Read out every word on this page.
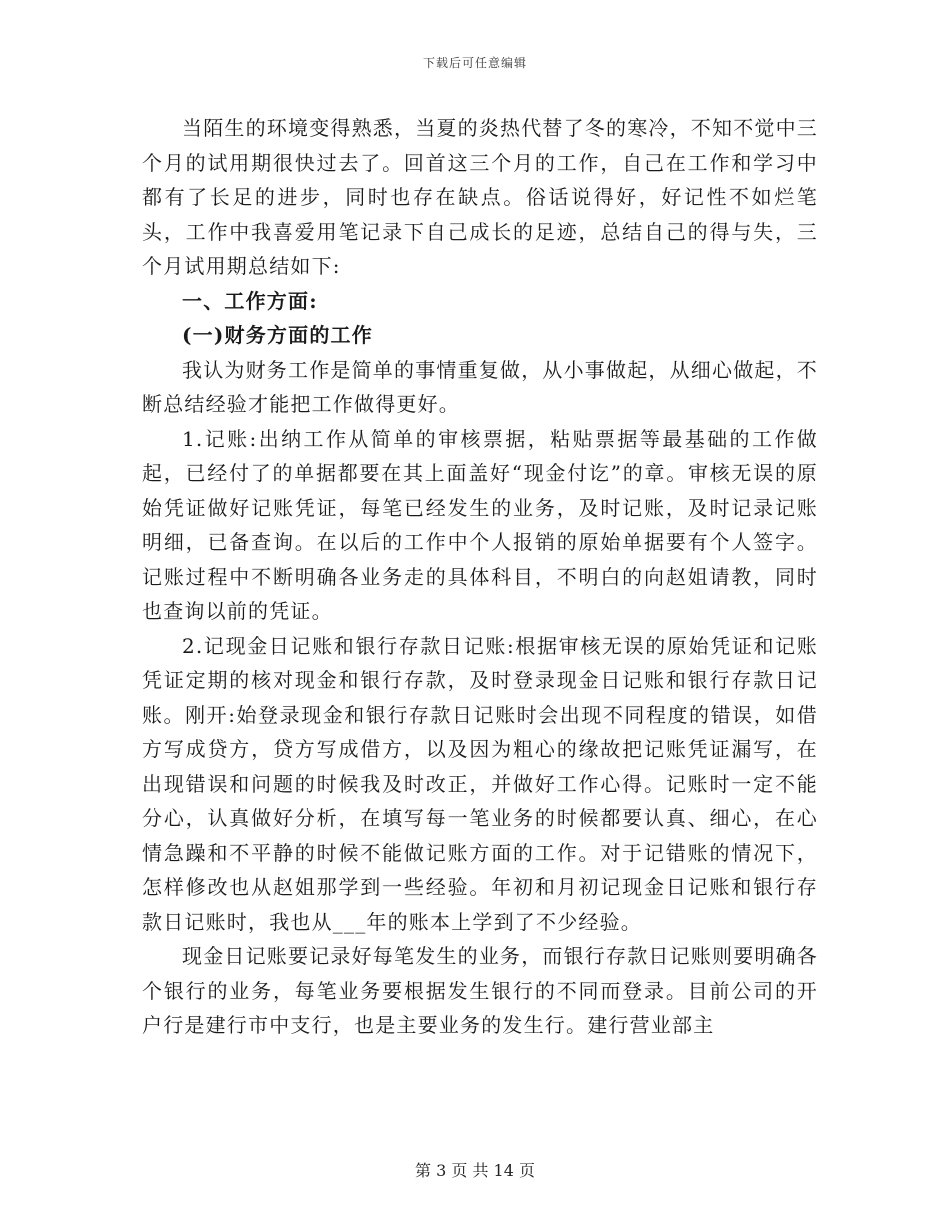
下载后可任意编辑

当陌生的环境变得熟悉，当夏的炎热代替了冬的寒冷，不知不觉中三个月的试用期很快过去了。回首这三个月的工作，自己在工作和学习中都有了长足的进步，同时也存在缺点。俗话说得好，好记性不如烂笔头，工作中我喜爱用笔记录下自己成长的足迹，总结自己的得与失，三个月试用期总结如下:

一、工作方面:

(一)财务方面的工作

我认为财务工作是简单的事情重复做，从小事做起，从细心做起，不断总结经验才能把工作做得更好。

1.记账:出纳工作从简单的审核票据，粘贴票据等最基础的工作做起，已经付了的单据都要在其上面盖好“现金付讫”的章。审核无误的原始凭证做好记账凭证，每笔已经发生的业务，及时记账，及时记录记账明细，已备查询。在以后的工作中个人报销的原始单据要有个人签字。记账过程中不断明确各业务走的具体科目，不明白的向赵姐请教，同时也查询以前的凭证。

2.记现金日记账和银行存款日记账:根据审核无误的原始凭证和记账凭证定期的核对现金和银行存款，及时登录现金日记账和银行存款日记账。刚开:始登录现金和银行存款日记账时会出现不同程度的错误，如借方写成贷方，贷方写成借方，以及因为粗心的缘故把记账凭证漏写，在出现错误和问题的时候我及时改正，并做好工作心得。记账时一定不能分心，认真做好分析，在填写每一笔业务的时候都要认真、细心，在心情急躁和不平静的时候不能做记账方面的工作。对于记错账的情况下，怎样修改也从赵姐那学到一些经验。年初和月初记现金日记账和银行存款日记账时，我也从___年的账本上学到了不少经验。

现金日记账要记录好每笔发生的业务，而银行存款日记账则要明确各个银行的业务，每笔业务要根据发生银行的不同而登录。目前公司的开户行是建行市中支行，也是主要业务的发生行。建行营业部主

第 3 页 共 14 页
